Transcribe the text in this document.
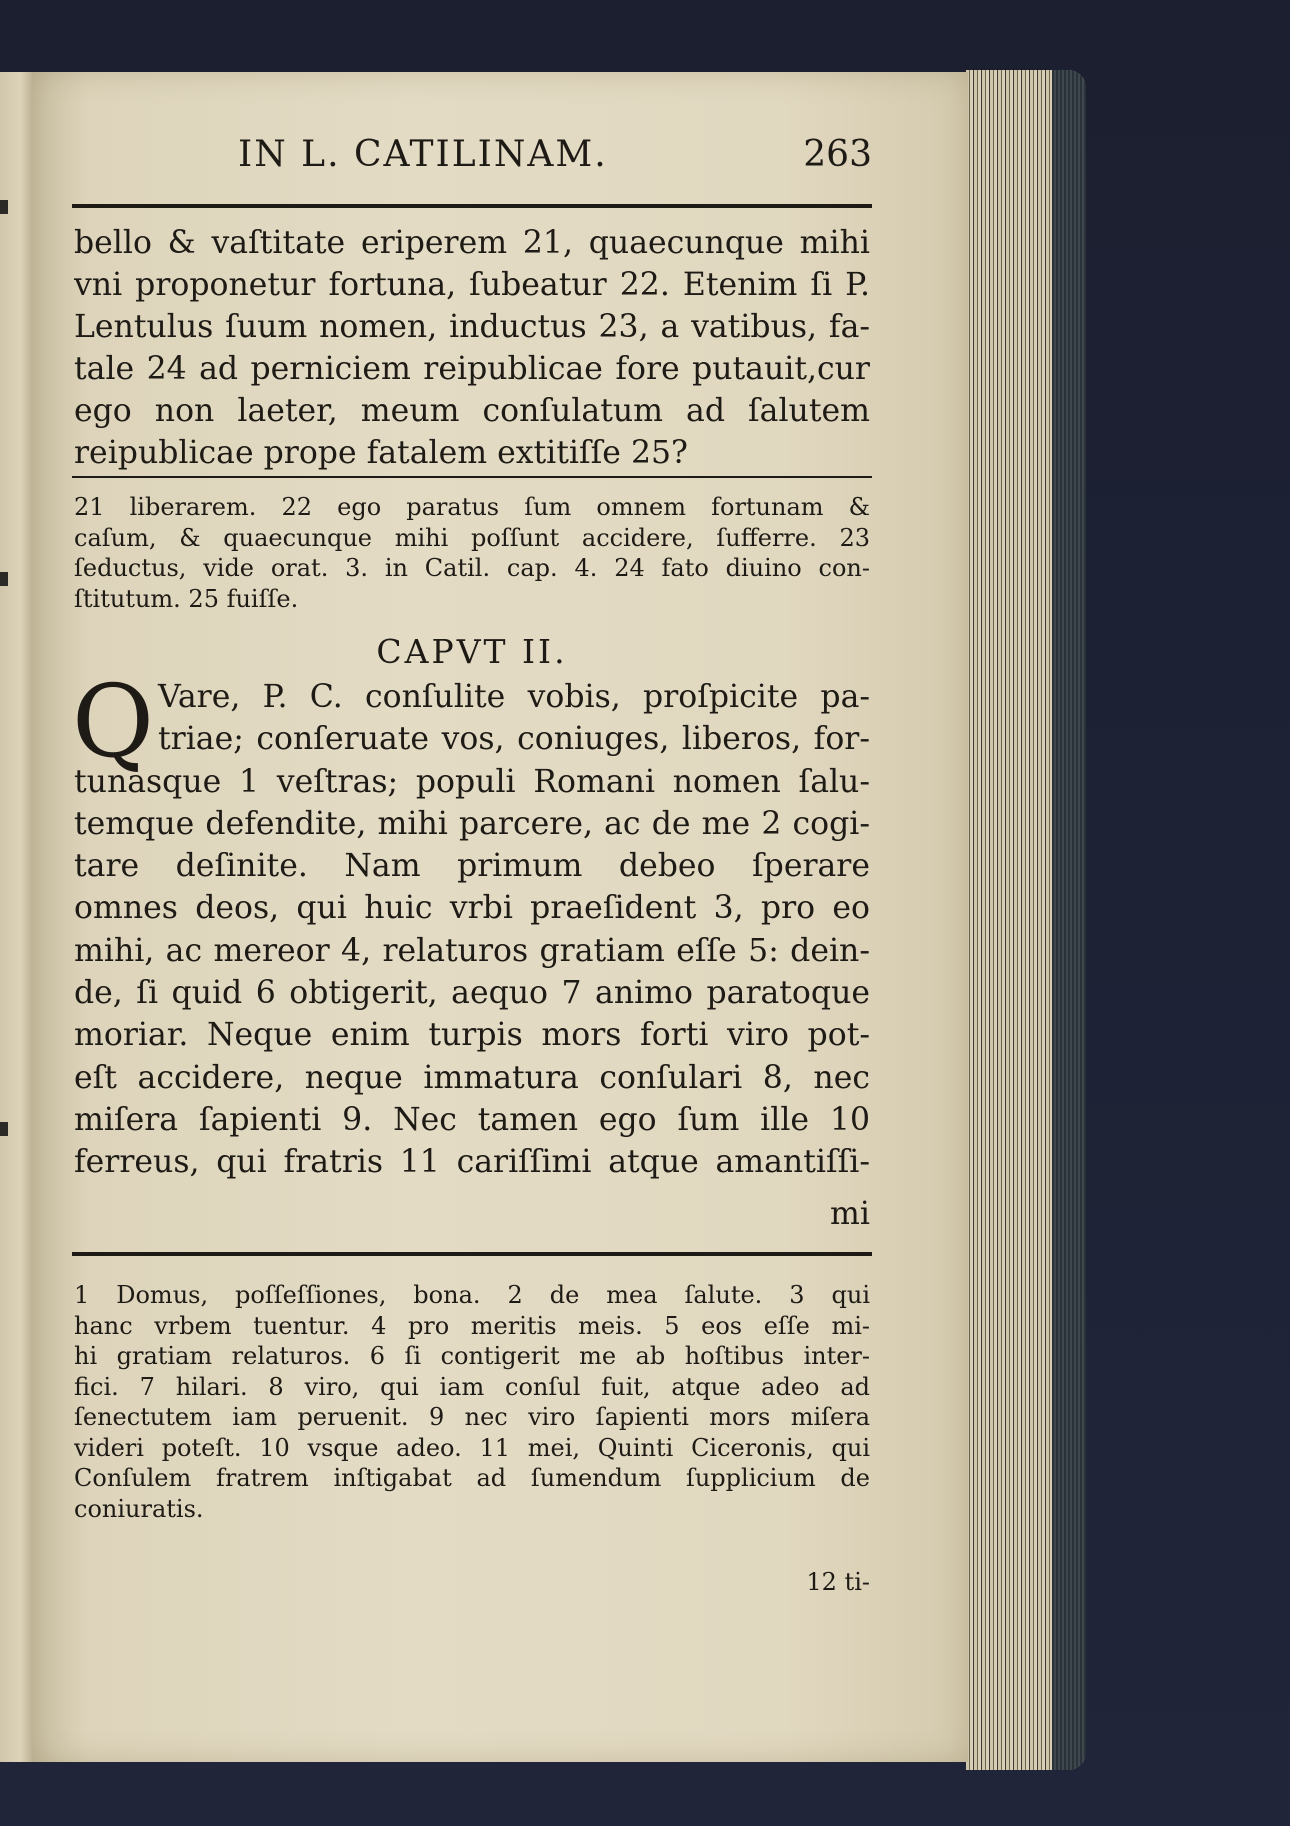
IN L. CATILINAM.	263
bello & vaſtitate eriperem 21, quaecunque mihi
vni proponetur fortuna, ſubeatur 22. Etenim ſi P.
Lentulus ſuum nomen, inductus 23, a vatibus, fa-
tale 24 ad perniciem reipublicae fore putauit,cur
ego non laeter, meum conſulatum ad ſalutem
reipublicae prope fatalem extitiſſe 25?
21 liberarem. 22 ego paratus ſum omnem fortunam &
caſum, & quaecunque mihi poſſunt accidere, ſufferre. 23
ſeductus, vide orat. 3. in Catil. cap. 4. 24 fato diuino con-
ſtitutum. 25 fuiſſe.
CAPVT II.
Q Vare, P. C. conſulite vobis, proſpicite pa-
triae; conſeruate vos, coniuges, liberos, for-
tunasque 1 veſtras; populi Romani nomen ſalu-
temque defendite, mihi parcere, ac de me 2 cogi-
tare deſinite. Nam primum debeo ſperare
omnes deos, qui huic vrbi praeſident 3, pro eo
mihi, ac mereor 4, relaturos gratiam eſſe 5: dein-
de, ſi quid 6 obtigerit, aequo 7 animo paratoque
moriar. Neque enim turpis mors forti viro pot-
eſt accidere, neque immatura conſulari 8, nec
miſera ſapienti 9. Nec tamen ego ſum ille 10
ferreus, qui fratris 11 cariſſimi atque amantiſſi-
mi
1 Domus, poſſeſſiones, bona. 2 de mea ſalute. 3 qui
hanc vrbem tuentur. 4 pro meritis meis. 5 eos eſſe mi-
hi gratiam relaturos. 6 ſi contigerit me ab hoſtibus inter-
fici. 7 hilari. 8 viro, qui iam conſul fuit, atque adeo ad
ſenectutem iam peruenit. 9 nec viro ſapienti mors miſera
videri poteſt. 10 vsque adeo. 11 mei, Quinti Ciceronis, qui
Conſulem fratrem inſtigabat ad ſumendum ſupplicium de
coniuratis.
12 ti-
